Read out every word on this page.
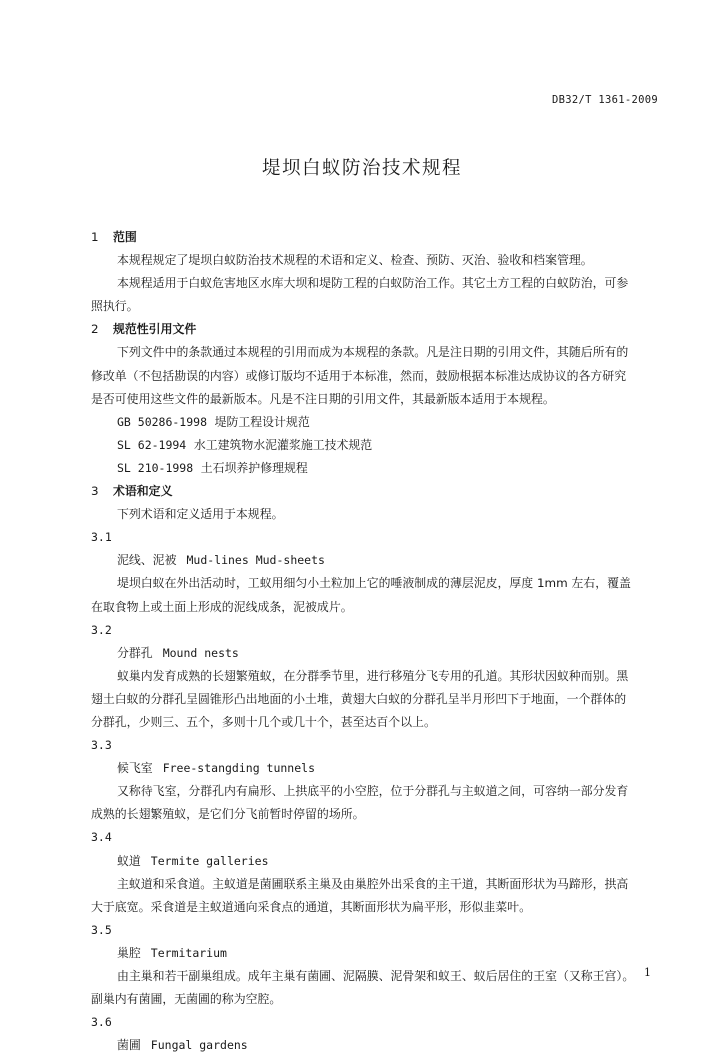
DB32/T 1361-2009
堤坝白蚁防治技术规程
1 范围
本规程规定了堤坝白蚁防治技术规程的术语和定义、检查、预防、灭治、验收和档案管理。
本规程适用于白蚁危害地区水库大坝和堤防工程的白蚁防治工作。其它土方工程的白蚁防治，可参
照执行。
2 规范性引用文件
下列文件中的条款通过本规程的引用而成为本规程的条款。凡是注日期的引用文件，其随后所有的
修改单（不包括勘误的内容）或修订版均不适用于本标准，然而，鼓励根据本标准达成协议的各方研究
是否可使用这些文件的最新版本。凡是不注日期的引用文件，其最新版本适用于本规程。
GB 50286-1998 堤防工程设计规范
SL 62-1994 水工建筑物水泥灌浆施工技术规范
SL 210-1998 土石坝养护修理规程
3 术语和定义
下列术语和定义适用于本规程。
3.1
泥线、泥被 Mud-lines Mud-sheets
堤坝白蚁在外出活动时，工蚁用细匀小土粒加上它的唾液制成的薄层泥皮，厚度 1mm 左右，覆盖
在取食物上或土面上形成的泥线成条，泥被成片。
3.2
分群孔 Mound nests
蚁巢内发育成熟的长翅繁殖蚁，在分群季节里，进行移殖分飞专用的孔道。其形状因蚁种而别。黑
翅土白蚁的分群孔呈圆锥形凸出地面的小土堆，黄翅大白蚁的分群孔呈半月形凹下于地面，一个群体的
分群孔，少则三、五个，多则十几个或几十个，甚至达百个以上。
3.3
候飞室 Free-stangding tunnels
又称待飞室，分群孔内有扁形、上拱底平的小空腔，位于分群孔与主蚁道之间，可容纳一部分发育
成熟的长翅繁殖蚁，是它们分飞前暂时停留的场所。
3.4
蚁道 Termite galleries
主蚁道和采食道。主蚁道是菌圃联系主巢及由巢腔外出采食的主干道，其断面形状为马蹄形，拱高
大于底宽。采食道是主蚁道通向采食点的通道，其断面形状为扁平形，形似韭菜叶。
3.5
巢腔 Termitarium
由主巢和若干副巢组成。成年主巢有菌圃、泥隔膜、泥骨架和蚁王、蚁后居住的王室（又称王宫）。
副巢内有菌圃，无菌圃的称为空腔。
3.6
菌圃 Fungal gardens
1
